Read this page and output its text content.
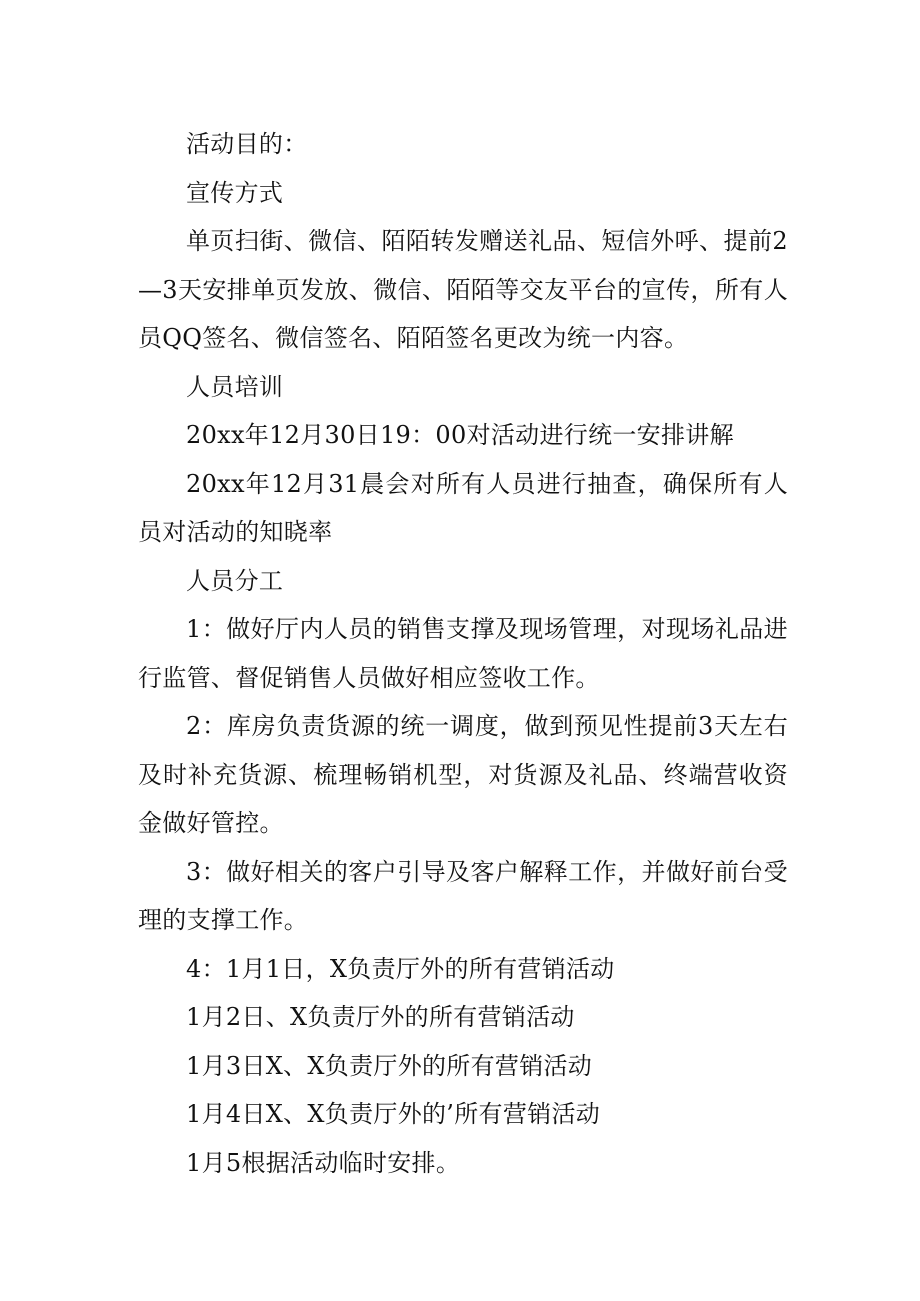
活动目的：

宣传方式

单页扫街、微信、陌陌转发赠送礼品、短信外呼、提前2—3天安排单页发放、微信、陌陌等交友平台的宣传，所有人员QQ签名、微信签名、陌陌签名更改为统一内容。

人员培训

20xx年12月30日19：00对活动进行统一安排讲解

20xx年12月31晨会对所有人员进行抽查，确保所有人员对活动的知晓率

人员分工

1：做好厅内人员的销售支撑及现场管理，对现场礼品进行监管、督促销售人员做好相应签收工作。

2：库房负责货源的统一调度，做到预见性提前3天左右及时补充货源、梳理畅销机型，对货源及礼品、终端营收资金做好管控。

3：做好相关的客户引导及客户解释工作，并做好前台受理的支撑工作。

4：1月1日，X负责厅外的所有营销活动

1月2日、X负责厅外的所有营销活动

1月3日X、X负责厅外的所有营销活动

1月4日X、X负责厅外的’所有营销活动

1月5根据活动临时安排。
